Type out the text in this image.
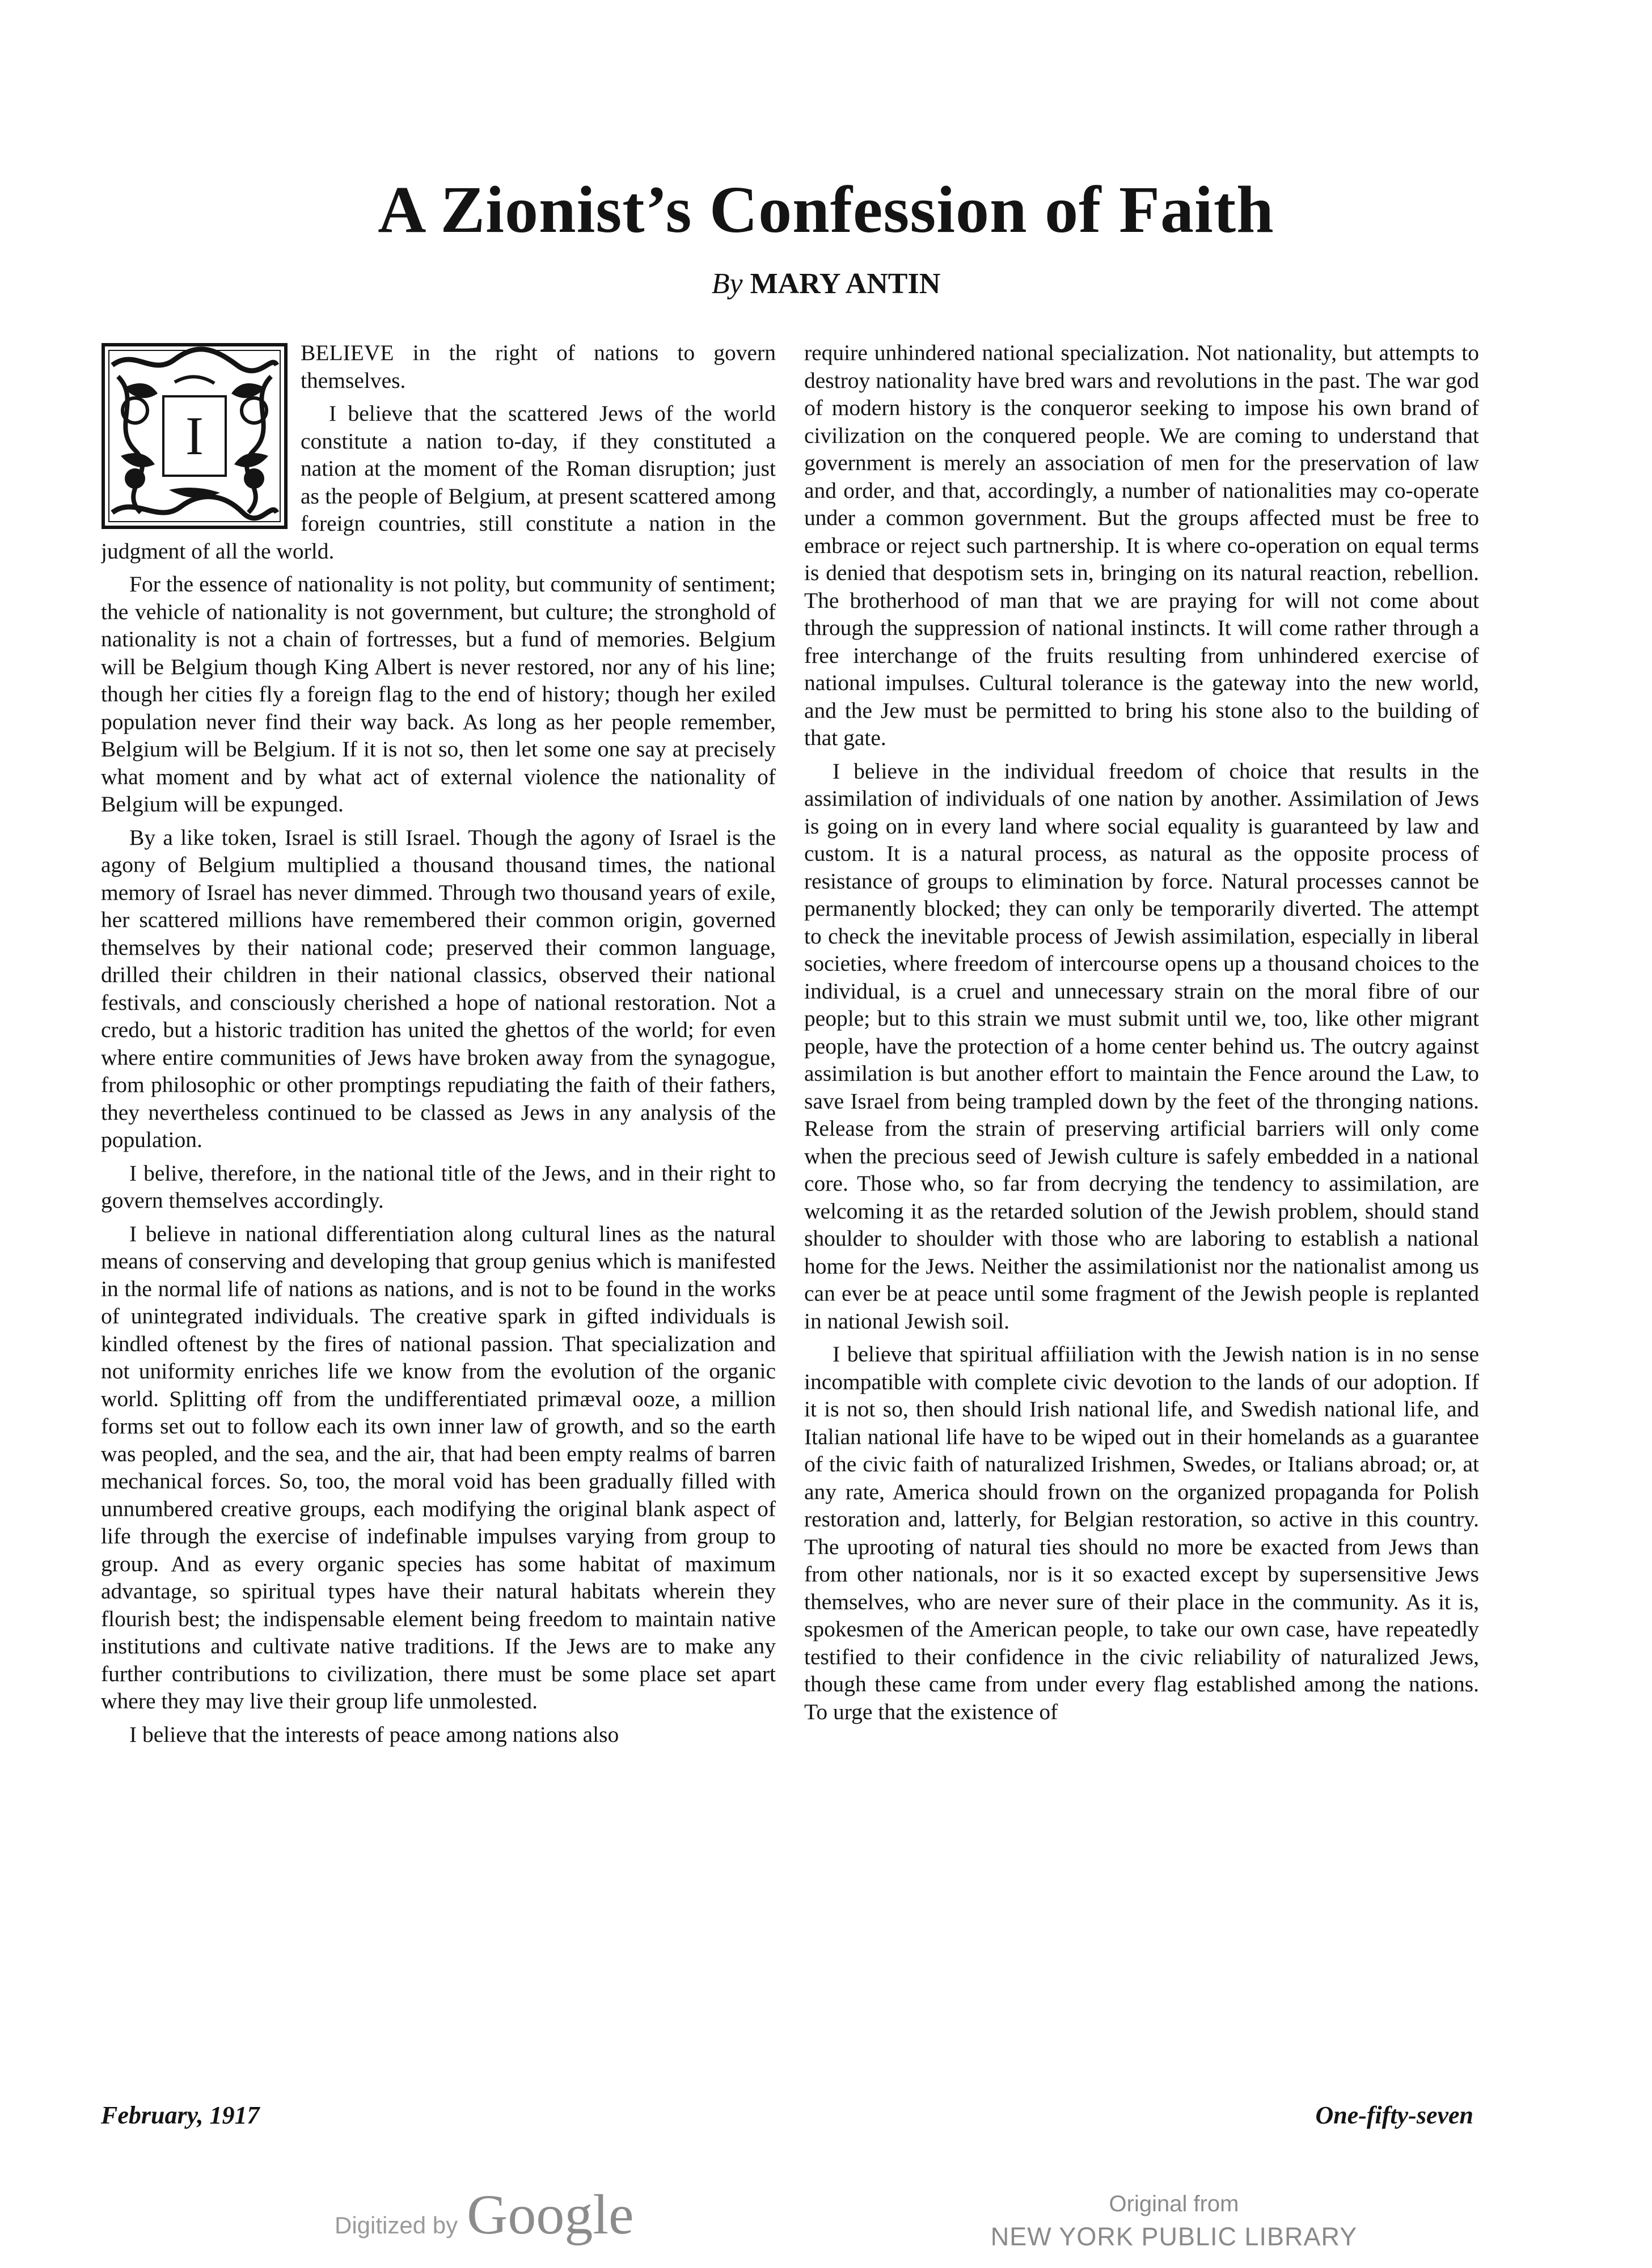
A Zionist’s Confession of Faith
By MARY ANTIN
I

BELIEVE in the right of nations to govern themselves.

I believe that the scattered Jews of the world constitute a nation to-day, if they constituted a nation at the moment of the Roman disruption; just as the people of Belgium, at present scattered among foreign countries, still constitute a nation in the judgment of all the world.

For the essence of nationality is not polity, but community of sentiment; the vehicle of nationality is not government, but culture; the stronghold of nationality is not a chain of fortresses, but a fund of memories. Belgium will be Belgium though King Albert is never restored, nor any of his line; though her cities fly a foreign flag to the end of history; though her exiled population never find their way back. As long as her people remember, Belgium will be Belgium. If it is not so, then let some one say at precisely what moment and by what act of external violence the nationality of Belgium will be expunged.

By a like token, Israel is still Israel. Though the agony of Israel is the agony of Belgium multiplied a thousand thousand times, the national memory of Israel has never dimmed. Through two thousand years of exile, her scattered millions have remembered their common origin, governed themselves by their national code; preserved their common language, drilled their children in their national classics, observed their national festivals, and consciously cherished a hope of national restoration. Not a credo, but a historic tradition has united the ghettos of the world; for even where entire communities of Jews have broken away from the synagogue, from philosophic or other promptings repudiating the faith of their fathers, they nevertheless continued to be classed as Jews in any analysis of the population.

I belive, therefore, in the national title of the Jews, and in their right to govern themselves accordingly.

I believe in national differentiation along cultural lines as the natural means of conserving and developing that group genius which is manifested in the normal life of nations as nations, and is not to be found in the works of unintegrated individuals. The creative spark in gifted individuals is kindled oftenest by the fires of national passion. That specialization and not uniformity enriches life we know from the evolution of the organic world. Splitting off from the undifferentiated primæval ooze, a million forms set out to follow each its own inner law of growth, and so the earth was peopled, and the sea, and the air, that had been empty realms of barren mechanical forces. So, too, the moral void has been gradually filled with unnumbered creative groups, each modifying the original blank aspect of life through the exercise of indefinable impulses varying from group to group. And as every organic species has some habitat of maximum advantage, so spiritual types have their natural habitats wherein they flourish best; the indispensable element being freedom to maintain native institutions and cultivate native traditions. If the Jews are to make any further contributions to civilization, there must be some place set apart where they may live their group life unmolested.

I believe that the interests of peace among nations also

require unhindered national specialization. Not nationality, but attempts to destroy nationality have bred wars and revolutions in the past. The war god of modern history is the conqueror seeking to impose his own brand of civilization on the conquered people. We are coming to understand that government is merely an association of men for the preservation of law and order, and that, accordingly, a number of nationalities may co-operate under a common government. But the groups affected must be free to embrace or reject such partnership. It is where co-operation on equal terms is denied that despotism sets in, bringing on its natural reaction, rebellion. The brotherhood of man that we are praying for will not come about through the suppression of national instincts. It will come rather through a free interchange of the fruits resulting from unhindered exercise of national impulses. Cultural tolerance is the gateway into the new world, and the Jew must be permitted to bring his stone also to the building of that gate.

I believe in the individual freedom of choice that results in the assimilation of individuals of one nation by another. Assimilation of Jews is going on in every land where social equality is guaranteed by law and custom. It is a natural process, as natural as the opposite process of resistance of groups to elimination by force. Natural processes cannot be permanently blocked; they can only be temporarily diverted. The attempt to check the inevitable process of Jewish assimilation, especially in liberal societies, where freedom of intercourse opens up a thousand choices to the individual, is a cruel and unnecessary strain on the moral fibre of our people; but to this strain we must submit until we, too, like other migrant people, have the protection of a home center behind us. The outcry against assimilation is but another effort to maintain the Fence around the Law, to save Israel from being trampled down by the feet of the thronging nations. Release from the strain of preserving artificial barriers will only come when the precious seed of Jewish culture is safely embedded in a national core. Those who, so far from decrying the tendency to assimilation, are welcoming it as the retarded solution of the Jewish problem, should stand shoulder to shoulder with those who are laboring to establish a national home for the Jews. Neither the assimilationist nor the nationalist among us can ever be at peace until some fragment of the Jewish people is replanted in national Jewish soil.

I believe that spiritual affiiliation with the Jewish nation is in no sense incompatible with complete civic devotion to the lands of our adoption. If it is not so, then should Irish national life, and Swedish national life, and Italian national life have to be wiped out in their homelands as a guarantee of the civic faith of naturalized Irishmen, Swedes, or Italians abroad; or, at any rate, America should frown on the organized propaganda for Polish restoration and, latterly, for Belgian restoration, so active in this country. The uprooting of natural ties should no more be exacted from Jews than from other nationals, nor is it so exacted except by supersensitive Jews themselves, who are never sure of their place in the community. As it is, spokesmen of the American people, to take our own case, have repeatedly testified to their confidence in the civic reliability of naturalized Jews, though these came from under every flag established among the nations. To urge that the existence of

February, 1917	One-fifty-seven
Digitized by Google	Original from
NEW YORK PUBLIC LIBRARY
